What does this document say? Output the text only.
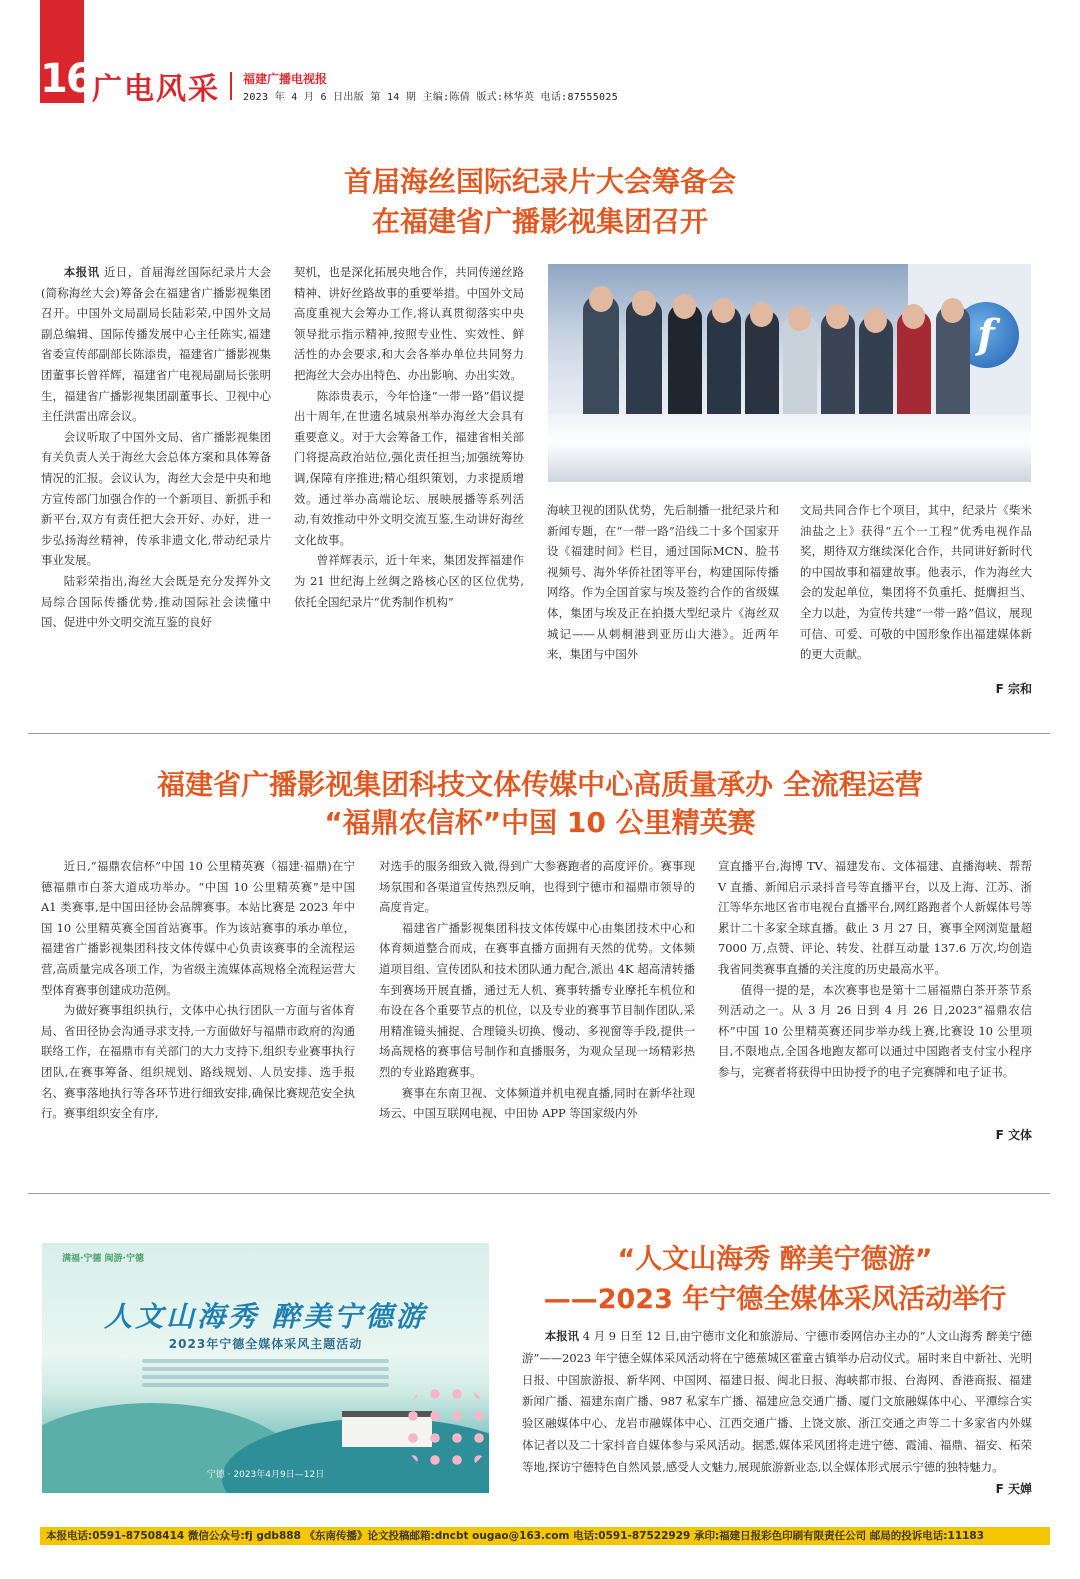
16 广电风采 福建广播电视报
2023 年 4 月 6 日出版 第 14 期 主编:陈倩 版式:林华英 电话:87555025
首届海丝国际纪录片大会筹备会
在福建省广播影视集团召开

本报讯 近日，首届海丝国际纪录片大会(简称海丝大会)筹备会在福建省广播影视集团召开。中国外文局副局长陆彩荣,中国外文局副总编辑、国际传播发展中心主任陈实,福建省委宣传部副部长陈添贵，福建省广播影视集团董事长曾祥辉，福建省广电视局副局长张明生，福建省广播影视集团副董事长、卫视中心主任洪雷出席会议。

会议听取了中国外文局、省广播影视集团有关负责人关于海丝大会总体方案和具体筹备情况的汇报。会议认为，海丝大会是中央和地方宣传部门加强合作的一个新项目、新抓手和新平台,双方有责任把大会开好、办好，进一步弘扬海丝精神，传承非遗文化,带动纪录片事业发展。

陆彩荣指出,海丝大会既是充分发挥外文局综合国际传播优势,推动国际社会读懂中国、促进中外文明交流互鉴的良好

契机，也是深化拓展央地合作，共同传递丝路精神、讲好丝路故事的重要举措。中国外文局高度重视大会筹办工作,将认真贯彻落实中央领导批示指示精神,按照专业性、实效性、鲜活性的办会要求,和大会各举办单位共同努力把海丝大会办出特色、办出影响、办出实效。

陈添贵表示，今年恰逢“一带一路”倡议提出十周年,在世遗名城泉州举办海丝大会具有重要意义。对于大会筹备工作，福建省相关部门将提高政治站位,强化责任担当;加强统筹协调,保障有序推进;精心组织策划，力求提质增效。通过举办高端论坛、展映展播等系列活动,有效推动中外文明交流互鉴,生动讲好海丝文化故事。

曾祥辉表示，近十年来，集团发挥福建作为 21 世纪海上丝绸之路核心区的区位优势,依托全国纪录片“优秀制作机构”

f

海峡卫视的团队优势，先后制播一批纪录片和新闻专题，在“一带一路”沿线二十多个国家开设《福建时间》栏目，通过国际MCN、脸书视频号、海外华侨社团等平台，构建国际传播网络。作为全国首家与埃及签约合作的省级媒体，集团与埃及正在拍摄大型纪录片《海丝双城记——从刺桐港到亚历山大港》。近两年来，集团与中国外

文局共同合作七个项目，其中，纪录片《柴米油盐之上》获得“五个一工程”优秀电视作品奖，期待双方继续深化合作，共同讲好新时代的中国故事和福建故事。他表示，作为海丝大会的发起单位，集团将不负重托、挺膺担当、全力以赴，为宣传共建“一带一路”倡议，展现可信、可爱、可敬的中国形象作出福建媒体新的更大贡献。

F 宗和
福建省广播影视集团科技文体传媒中心高质量承办 全流程运营
“福鼎农信杯”中国 10 公里精英赛

近日,“福鼎农信杯”中国 10 公里精英赛（福建·福鼎)在宁德福鼎市白茶大道成功举办。“中国 10 公里精英赛”是中国 A1 类赛事,是中国田径协会品牌赛事。本站比赛是 2023 年中国 10 公里精英赛全国首站赛事。作为该站赛事的承办单位，福建省广播影视集团科技文体传媒中心负责该赛事的全流程运营,高质量完成各项工作，为省级主流媒体高规格全流程运营大型体育赛事创建成功范例。

为做好赛事组织执行，文体中心执行团队一方面与省体育局、省田径协会沟通寻求支持,一方面做好与福鼎市政府的沟通联络工作，在福鼎市有关部门的大力支持下,组织专业赛事执行团队,在赛事筹备、组织规划、路线规划、人员安排、选手报名、赛事落地执行等各环节进行细致安排,确保比赛规范安全执行。赛事组织安全有序,

对选手的服务细致入微,得到广大参赛跑者的高度评价。赛事现场氛围和各渠道宣传热烈反响，也得到宁德市和福鼎市领导的高度肯定。

福建省广播影视集团科技文体传媒中心由集团技术中心和体育频道整合而成，在赛事直播方面拥有天然的优势。文体频道项目组、宣传团队和技术团队通力配合,派出 4K 超高清转播车到赛场开展直播，通过无人机、赛事转播专业摩托车机位和布设在各个重要节点的机位，以及专业的赛事节目制作团队,采用精准镜头捕捉、合理镜头切换、慢动、多视窗等手段,提供一场高规格的赛事信号制作和直播服务，为观众呈现一场精彩热烈的专业路跑赛事。

赛事在东南卫视、文体频道并机电视直播,同时在新华社现场云、中国互联网电视、中田协 APP 等国家级内外

宣直播平台,海博 TV、福建发布、文体福建、直播海峡、帮帮 V 直播、新闻启示录抖音号等直播平台，以及上海、江苏、浙江等华东地区省市电视台直播平台,网红路跑者个人新媒体号等累计二十多家全球直播。截止 3 月 27 日，赛事全网浏览量超 7000 万,点赞、评论、转发、社群互动量 137.6 万次,均创造我省同类赛事直播的关注度的历史最高水平。

值得一提的是，本次赛事也是第十二届福鼎白茶开茶节系列活动之一。从 3 月 26 日到 4 月 26 日,2023“福鼎农信杯”中国 10 公里精英赛还同步举办线上赛,比赛设 10 公里项目,不限地点,全国各地跑友都可以通过中国跑者支付宝小程序参与，完赛者将获得中田协授予的电子完赛牌和电子证书。

F 文体
满福·宁德 闽游·宁德
人文山海秀 醉美宁德游
2023年宁德全媒体采风主题活动
宁德 · 2023年4月9日—12日
“人文山海秀 醉美宁德游”
——2023 年宁德全媒体采风活动举行

本报讯 4 月 9 日至 12 日,由宁德市文化和旅游局、宁德市委网信办主办的“人文山海秀 醉美宁德游”——2023 年宁德全媒体采风活动将在宁德蕉城区霍童古镇举办启动仪式。届时来自中新社、光明日报、中国旅游报、新华网、中国网、福建日报、闽北日报、海峡都市报、台海网、香港商报、福建新闻广播、福建东南广播、987 私家车广播、福建应急交通广播、厦门文旅融媒体中心、平潭综合实验区融媒体中心、龙岩市融媒体中心、江西交通广播、上饶文旅、浙江交通之声等二十多家省内外媒体记者以及二十家抖音自媒体参与采风活动。据悉,媒体采风团将走进宁德、霞浦、福鼎、福安、柘荣等地,探访宁德特色自然风景,感受人文魅力,展现旅游新业态,以全媒体形式展示宁德的独特魅力。

F 天婵
本报电话:0591-87508414 微信公众号:fj gdb888 《东南传播》论文投稿邮箱:dncbt ougao@163.com 电话:0591-87522929 承印:福建日报彩色印刷有限责任公司 邮局的投诉电话:11183
